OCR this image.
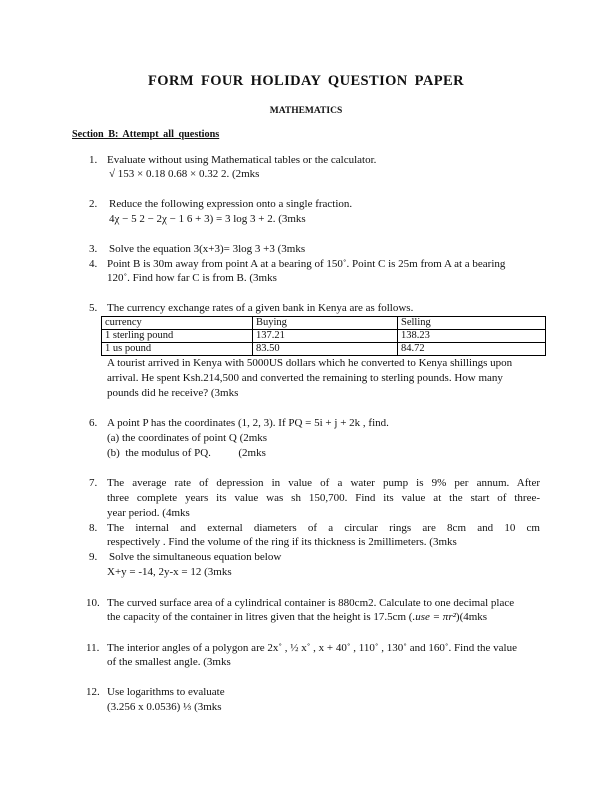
FORM FOUR HOLIDAY QUESTION PAPER
MATHEMATICS
Section B: Attempt all questions
1. Evaluate without using Mathematical tables or the calculator.
√ 153 × 0.18 0.68 × 0.32 2. (2mks
2. Reduce the following expression onto a single fraction.
4χ − 5 2 − 2χ − 1 6 + 3) = 3 log 3 + 2. (3mks
3. Solve the equation 3(x+3)= 3log 3 +3 (3mks
4. Point B is 30m away from point A at a bearing of 150˚. Point C is 25m from A at a bearing
120˚. Find how far C is from B. (3mks
5. The currency exchange rates of a given bank in Kenya are as follows.
currency	Buying	Selling
1 sterling pound	137.21	138.23
1 us pound	83.50	84.72
A tourist arrived in Kenya with 5000US dollars which he converted to Kenya shillings upon
arrival. He spent Ksh.214,500 and converted the remaining to sterling pounds. How many
pounds did he receive? (3mks
6. A point P has the coordinates (1, 2, 3). If PQ = 5i + j + 2k , find.
(a) the coordinates of point Q (2mks
(b)  the modulus of PQ.          (2mks
7. The average rate of depression in value of a water pump is 9% per annum. After
three complete years its value was sh 150,700. Find its value at the start of three-
year period. (4mks
8. The internal and external diameters of a circular rings are 8cm and 10 cm
respectively . Find the volume of the ring if its thickness is 2millimeters. (3mks
9. Solve the simultaneous equation below
X+y = -14, 2y-x = 12 (3mks
10. The curved surface area of a cylindrical container is 880cm2. Calculate to one decimal place
the capacity of the container in litres given that the height is 17.5cm (.use = πr²)(4mks
11. The interior angles of a polygon are 2x˚ , ½ x˚ , x + 40˚ , 110˚ , 130˚ and 160˚. Find the value
of the smallest angle. (3mks
12. Use logarithms to evaluate
(3.256 x 0.0536) ⅓ (3mks
